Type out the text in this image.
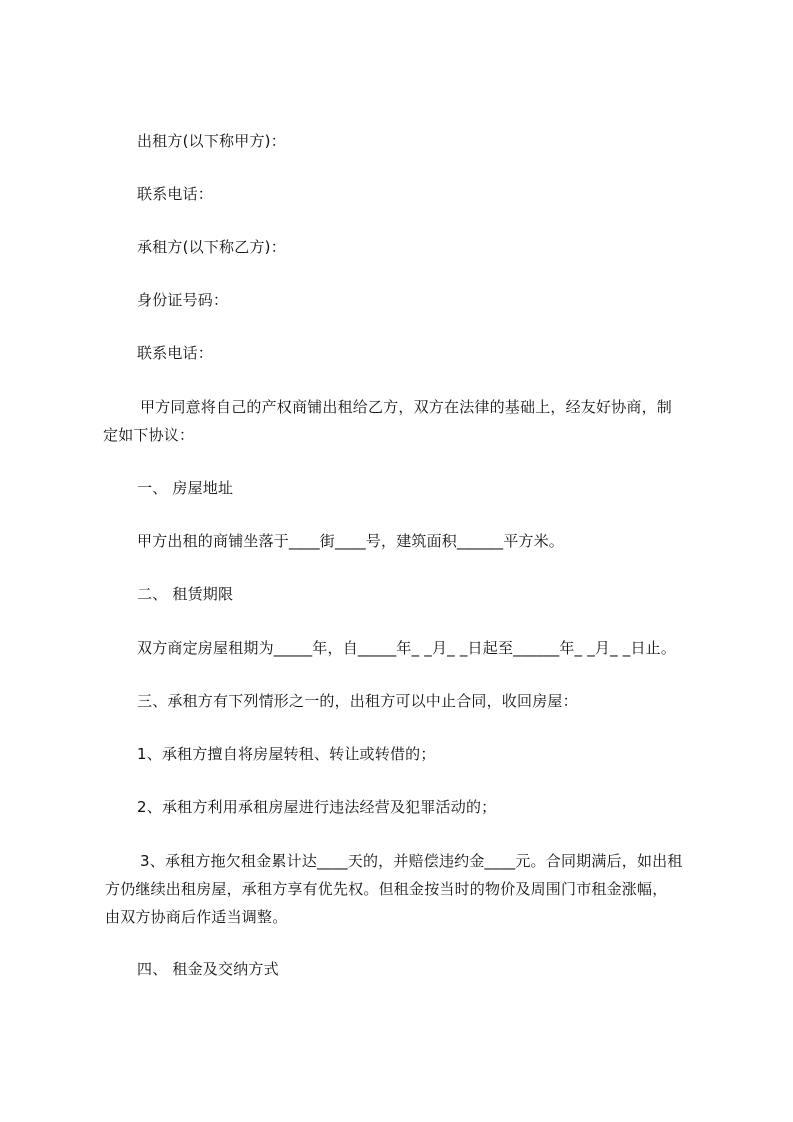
出租方(以下称甲方)：
联系电话：
承租方(以下称乙方)：
身份证号码：
联系电话：
甲方同意将自己的产权商铺出租给乙方，双方在法律的基础上，经友好协商，制
定如下协议：
一、 房屋地址
甲方出租的商铺坐落于____街____号，建筑面积______平方米。
二、 租赁期限
双方商定房屋租期为_____年，自_____年_ _月_ _日起至______年_ _月_ _日止。
三、承租方有下列情形之一的，出租方可以中止合同，收回房屋：
1、承租方擅自将房屋转租、转让或转借的；
2、承租方利用承租房屋进行违法经营及犯罪活动的；
3、承租方拖欠租金累计达____天的，并赔偿违约金____元。合同期满后，如出租
方仍继续出租房屋，承租方享有优先权。但租金按当时的物价及周围门市租金涨幅，
由双方协商后作适当调整。
四、 租金及交纳方式
